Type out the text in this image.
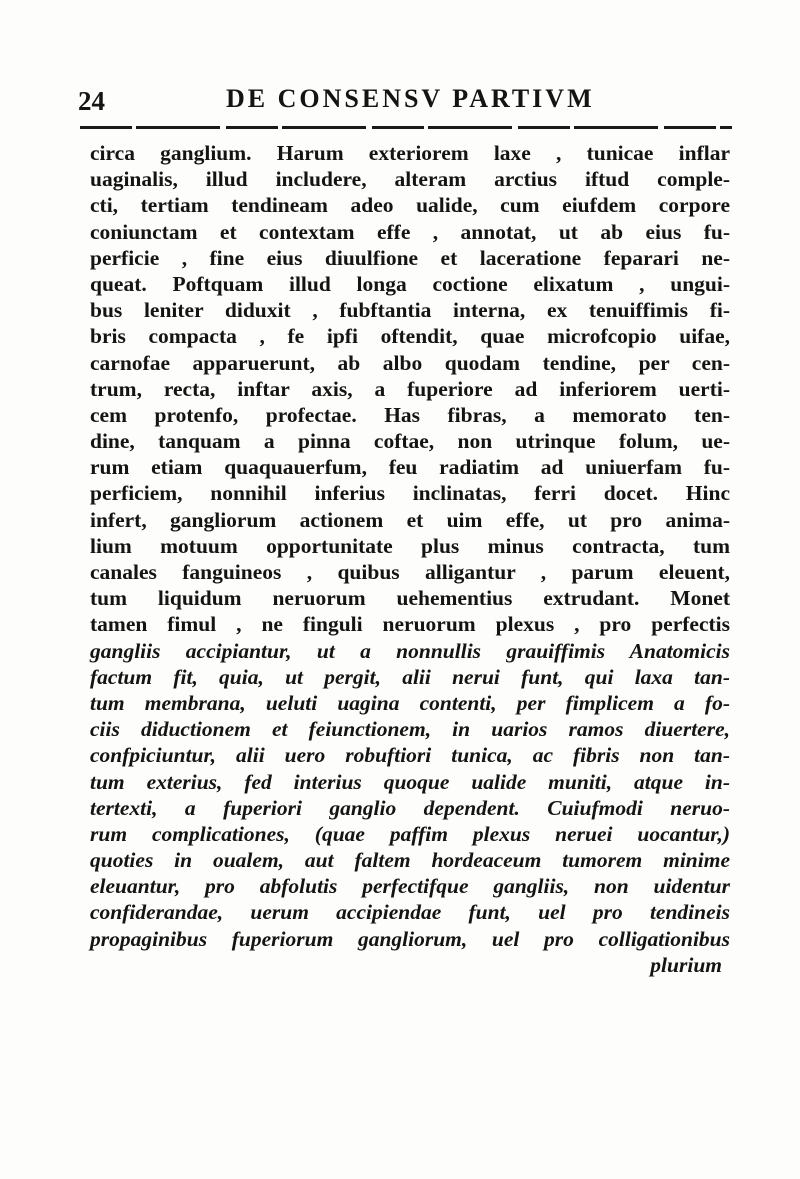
24	DE CONSENSV PARTIVM
circa ganglium. Harum exteriorem laxe , tunicae inflar
uaginalis, illud includere, alteram arctius iftud comple-
cti, tertiam tendineam adeo ualide, cum eiufdem corpore
coniunctam et contextam effe , annotat, ut ab eius fu-
perficie , fine eius diuulfione et laceratione feparari ne-
queat. Poftquam illud longa coctione elixatum , ungui-
bus leniter diduxit , fubftantia interna, ex tenuiffimis fi-
bris compacta , fe ipfi oftendit, quae microfcopio uifae,
carnofae apparuerunt, ab albo quodam tendine, per cen-
trum, recta, inftar axis, a fuperiore ad inferiorem uerti-
cem protenfo, profectae. Has fibras, a memorato ten-
dine, tanquam a pinna coftae, non utrinque folum, ue-
rum etiam quaquauerfum, feu radiatim ad uniuerfam fu-
perficiem, nonnihil inferius inclinatas, ferri docet. Hinc
infert, gangliorum actionem et uim effe, ut pro anima-
lium motuum opportunitate plus minus contracta, tum
canales fanguineos , quibus alligantur , parum eleuent,
tum liquidum neruorum uehementius extrudant. Monet
tamen fimul , ne finguli neruorum plexus , pro perfectis
gangliis accipiantur, ut a nonnullis grauiffimis Anatomicis
factum fit, quia, ut pergit, alii nerui funt, qui laxa tan-
tum membrana, ueluti uagina contenti, per fimplicem a fo-
ciis diductionem et feiunctionem, in uarios ramos diuertere,
confpiciuntur, alii uero robuftiori tunica, ac fibris non tan-
tum exterius, fed interius quoque ualide muniti, atque in-
tertexti, a fuperiori ganglio dependent. Cuiufmodi neruo-
rum complicationes, (quae paffim plexus neruei uocantur,)
quoties in oualem, aut faltem hordeaceum tumorem minime
eleuantur, pro abfolutis perfectifque gangliis, non uidentur
confiderandae, uerum accipiendae funt, uel pro tendineis
propaginibus fuperiorum gangliorum, uel pro colligationibus
plurium
